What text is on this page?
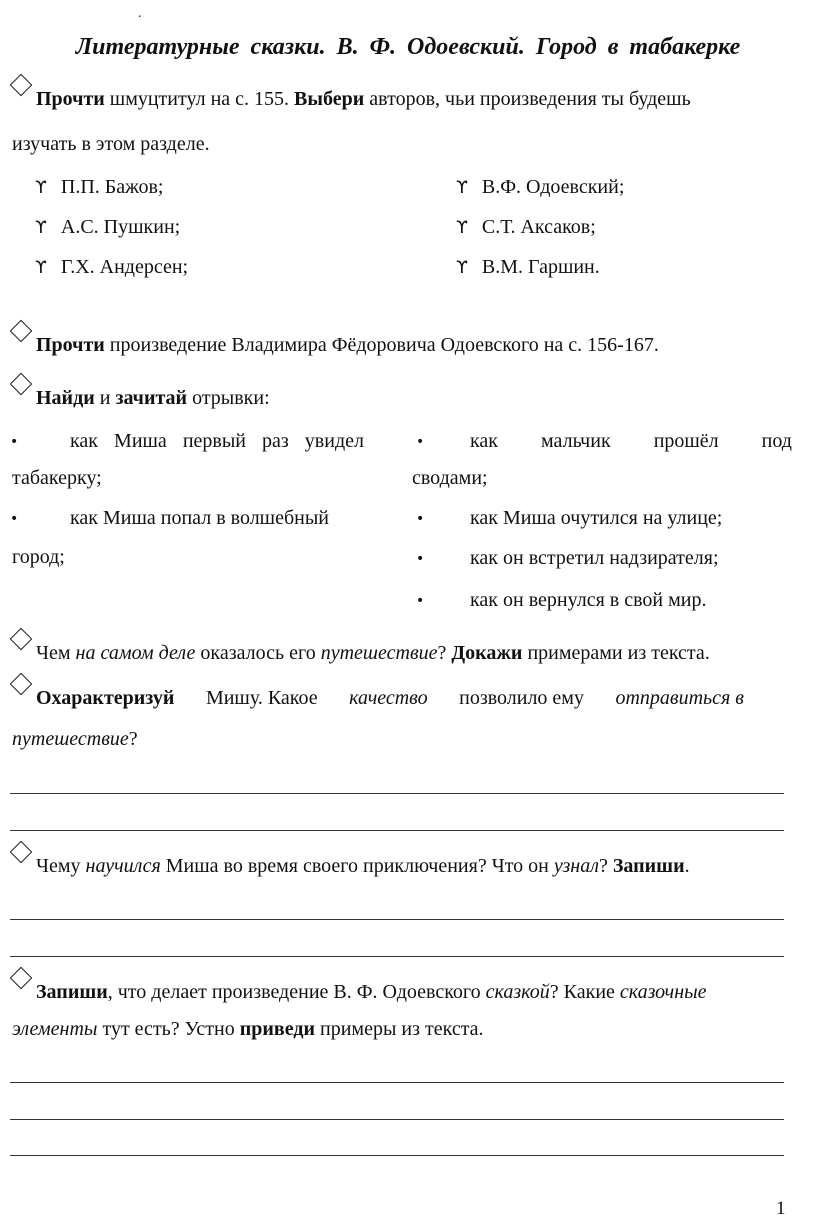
.
Литературные сказки. В. Ф. Одоевский. Город в табакерке
Прочти шмуцтитул на с. 155. Выбери авторов, чьи произведения ты будешь
изучать в этом разделе.
ϒ П.П. Бажов;
ϒ А.С. Пушкин;
ϒ Г.Х. Андерсен;
ϒ В.Ф. Одоевский;
ϒ С.Т. Аксаков;
ϒ В.М. Гаршин.
Прочти произведение Владимира Фёдоровича Одоевского на с. 156-167.
Найди и зачитай отрывки:
•	как Миша первый раз увидел
табакерку;
•	как Миша попал в волшебный
город;
• как мальчик прошёл под
сводами;
• как Миша очутился на улице;
• как он встретил надзирателя;
• как он вернулся в свой мир.
Чем на самом деле оказалось его путешествие? Докажи примерами из текста.
Охарактеризуй Мишу. Какое качество позволило ему отправиться в
путешествие?
Чему научился Миша во время своего приключения? Что он узнал? Запиши.
Запиши, что делает произведение В. Ф. Одоевского сказкой? Какие сказочные
элементы тут есть? Устно приведи примеры из текста.
1
